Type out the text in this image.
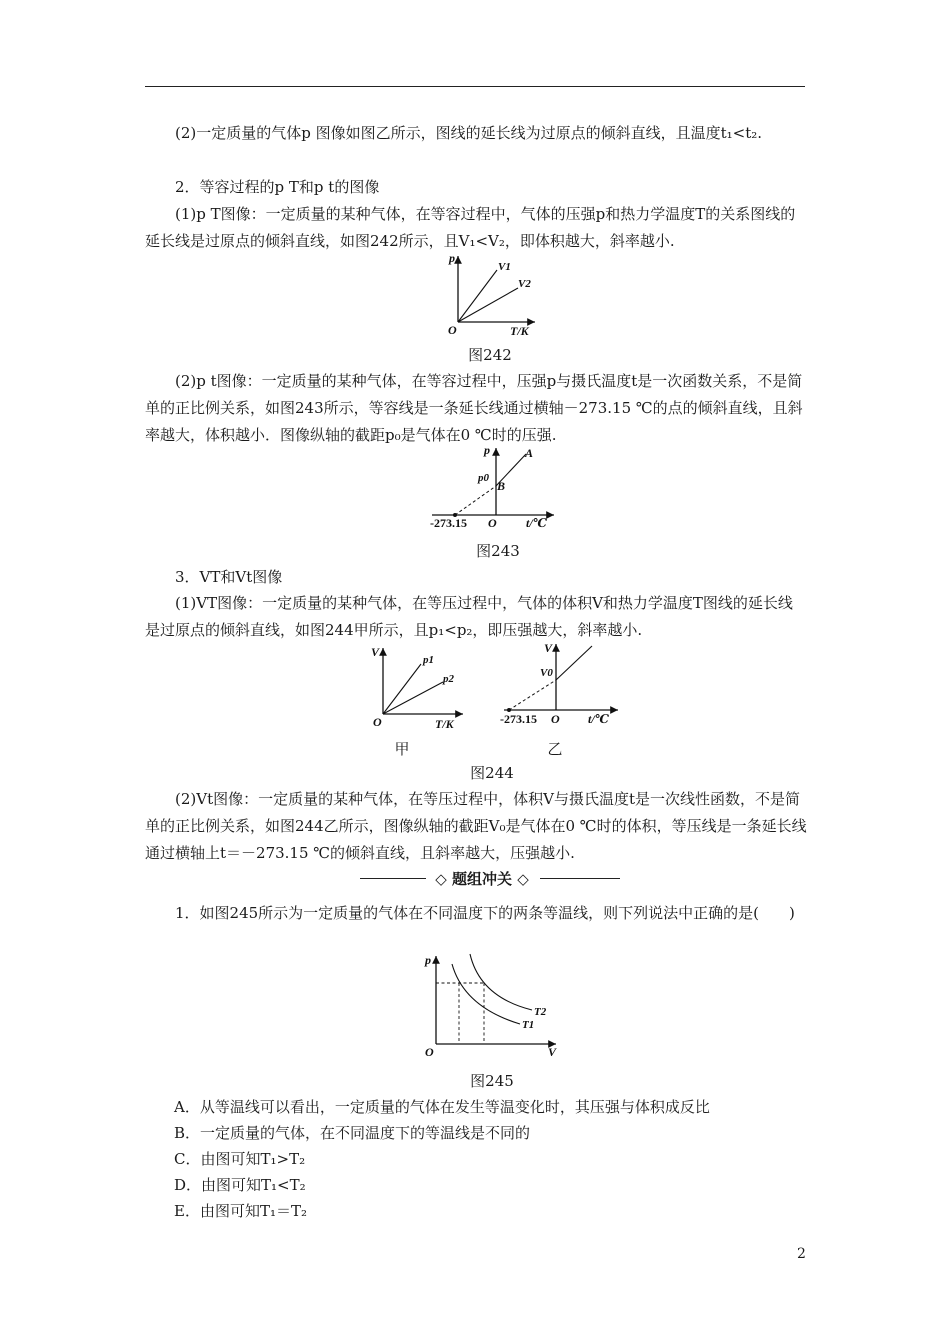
(2)一定质量的气体p 图像如图乙所示，图线的延长线为过原点的倾斜直线，且温度t₁<t₂.

2．等容过程的p T和p t的图像

(1)p T图像：一定质量的某种气体，在等容过程中，气体的压强p和热力学温度T的关系图线的延长线是过原点的倾斜直线，如图242所示，且V₁<V₂，即体积越大，斜率越小.

p
T/K
O
V1
V2
图242

(2)p t图像：一定质量的某种气体，在等容过程中，压强p与摄氏温度t是一次函数关系，不是简单的正比例关系，如图243所示，等容线是一条延长线通过横轴－273.15 ℃的点的倾斜直线，且斜率越大，体积越小．图像纵轴的截距p₀是气体在0 ℃时的压强.

p
p0
B
A
O t/℃
-273.15
图243

3．VT和Vt图像

(1)VT图像：一定质量的某种气体，在等压过程中，气体的体积V和热力学温度T图线的延长线是过原点的倾斜直线，如图244甲所示，且p₁<p₂，即压强越大，斜率越小.

V
T/K
O
p1
p2
甲
V
V0
O t/℃
-273.15
乙
图244

(2)Vt图像：一定质量的某种气体，在等压过程中，体积V与摄氏温度t是一次线性函数，不是简单的正比例关系，如图244乙所示，图像纵轴的截距V₀是气体在0 ℃时的体积，等压线是一条延长线通过横轴上t＝－273.15 ℃的倾斜直线，且斜率越大，压强越小.

◇ 题组冲关 ◇

1．如图245所示为一定质量的气体在不同温度下的两条等温线，则下列说法中正确的是(　　)

p
O	V
T2
T1
图245
A．从等温线可以看出，一定质量的气体在发生等温变化时，其压强与体积成反比
B．一定质量的气体，在不同温度下的等温线是不同的
C．由图可知T₁>T₂
D．由图可知T₁<T₂
E．由图可知T₁＝T₂
2
